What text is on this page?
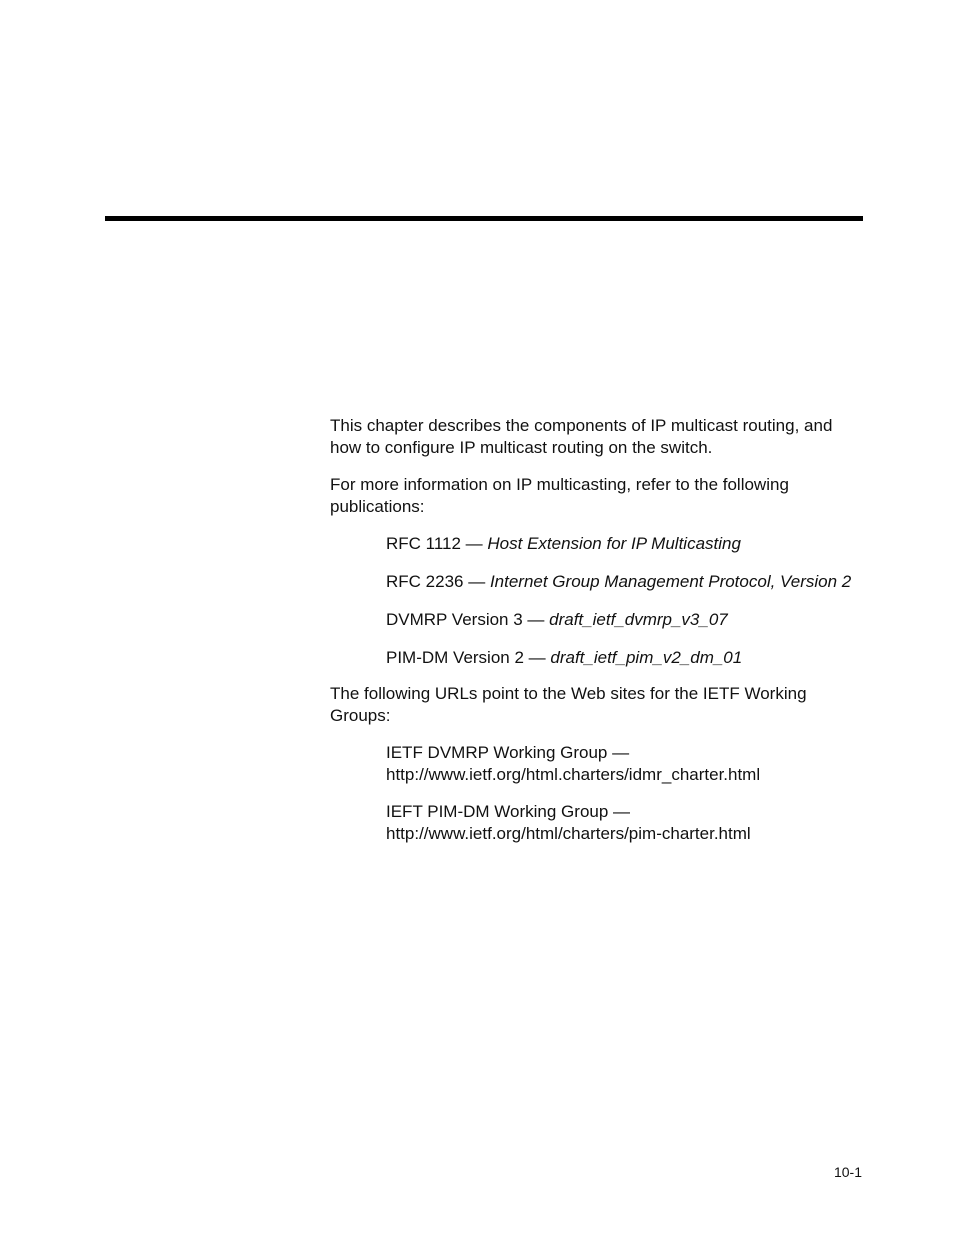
This chapter describes the components of IP multicast routing, and how to configure IP multicast routing on the switch.

For more information on IP multicasting, refer to the following publications:

RFC 1112 — Host Extension for IP Multicasting
RFC 2236 — Internet Group Management Protocol, Version 2
DVMRP Version 3 — draft_ietf_dvmrp_v3_07
PIM-DM Version 2 — draft_ietf_pim_v2_dm_01

The following URLs point to the Web sites for the IETF Working Groups:

IETF DVMRP Working Group —
http://www.ietf.org/html.charters/idmr_charter.html
IEFT PIM-DM Working Group —
http://www.ietf.org/html/charters/pim-charter.html
10-1
